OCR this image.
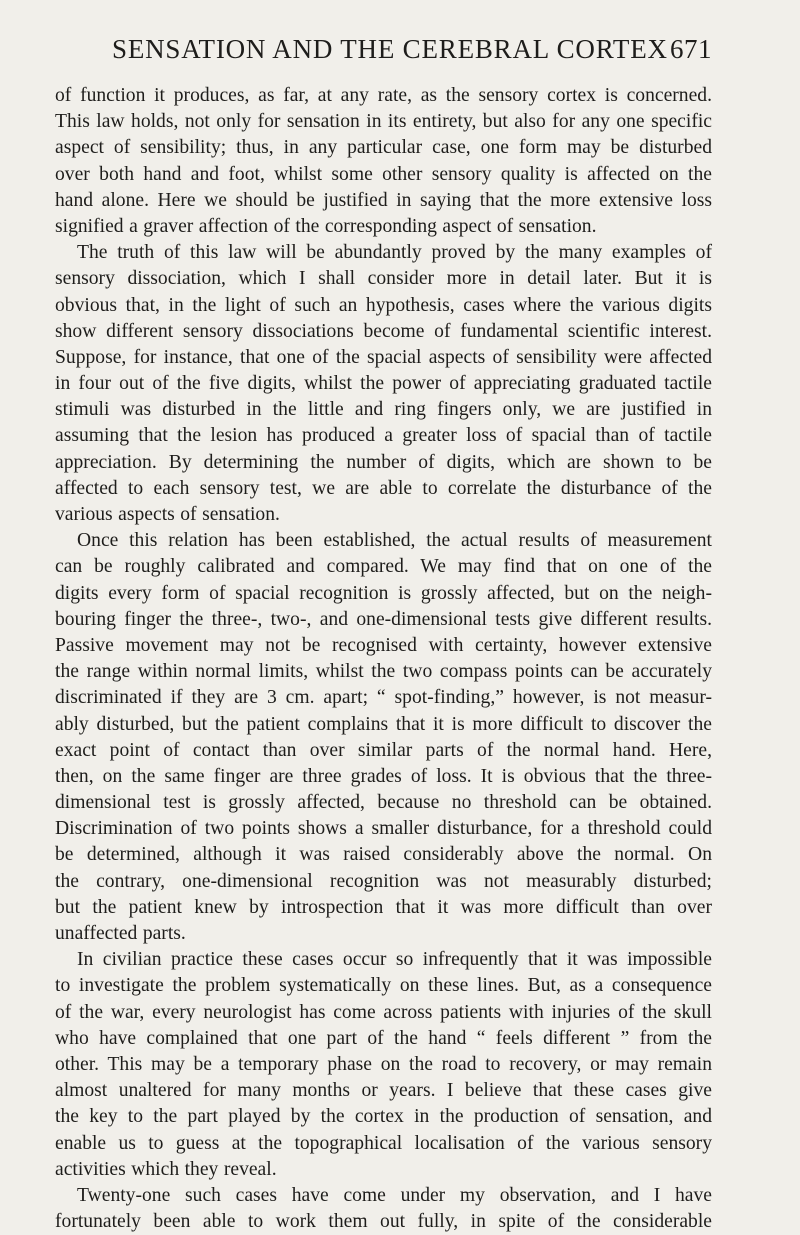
SENSATION AND THE CEREBRAL CORTEX 671
of function it produces, as far, at any rate, as the sensory cortex is concerned.
This law holds, not only for sensation in its entirety, but also for any one specific
aspect of sensibility; thus, in any particular case, one form may be disturbed
over both hand and foot, whilst some other sensory quality is affected on the
hand alone. Here we should be justified in saying that the more extensive loss
signified a graver affection of the corresponding aspect of sensation.
The truth of this law will be abundantly proved by the many examples of
sensory dissociation, which I shall consider more in detail later. But it is
obvious that, in the light of such an hypothesis, cases where the various digits
show different sensory dissociations become of fundamental scientific interest.
Suppose, for instance, that one of the spacial aspects of sensibility were affected
in four out of the five digits, whilst the power of appreciating graduated tactile
stimuli was disturbed in the little and ring fingers only, we are justified in
assuming that the lesion has produced a greater loss of spacial than of tactile
appreciation. By determining the number of digits, which are shown to be
affected to each sensory test, we are able to correlate the disturbance of the
various aspects of sensation.
Once this relation has been established, the actual results of measurement
can be roughly calibrated and compared. We may find that on one of the
digits every form of spacial recognition is grossly affected, but on the neigh-
bouring finger the three-, two-, and one-dimensional tests give different results.
Passive movement may not be recognised with certainty, however extensive
the range within normal limits, whilst the two compass points can be accurately
discriminated if they are 3 cm. apart; “ spot-finding,” however, is not measur-
ably disturbed, but the patient complains that it is more difficult to discover the
exact point of contact than over similar parts of the normal hand. Here,
then, on the same finger are three grades of loss. It is obvious that the three-
dimensional test is grossly affected, because no threshold can be obtained.
Discrimination of two points shows a smaller disturbance, for a threshold could
be determined, although it was raised considerably above the normal. On
the contrary, one-dimensional recognition was not measurably disturbed;
but the patient knew by introspection that it was more difficult than over
unaffected parts.
In civilian practice these cases occur so infrequently that it was impossible
to investigate the problem systematically on these lines. But, as a consequence
of the war, every neurologist has come across patients with injuries of the skull
who have complained that one part of the hand “ feels different ” from the
other. This may be a temporary phase on the road to recovery, or may remain
almost unaltered for many months or years. I believe that these cases give
the key to the part played by the cortex in the production of sensation, and
enable us to guess at the topographical localisation of the various sensory
activities which they reveal.
Twenty-one such cases have come under my observation, and I have
fortunately been able to work them out fully, in spite of the considerable
